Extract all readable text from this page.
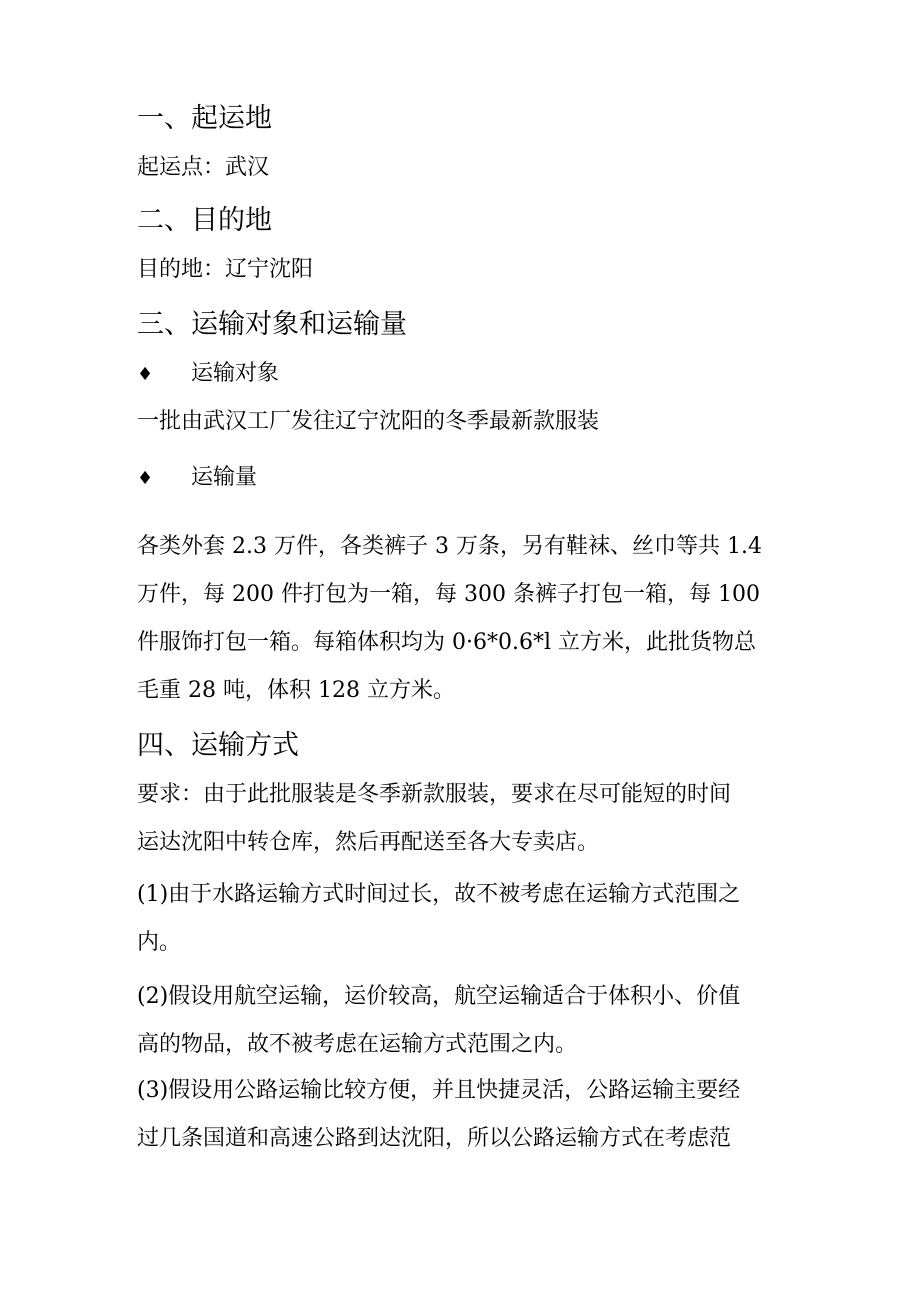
一、起运地
起运点：武汉
二、目的地
目的地：辽宁沈阳
三、运输对象和运输量
♦ 运输对象
一批由武汉工厂发往辽宁沈阳的冬季最新款服装
♦ 运输量
各类外套 2.3 万件，各类裤子 3 万条，另有鞋袜、丝巾等共 1.4
万件，每 200 件打包为一箱，每 300 条裤子打包一箱，每 100
件服饰打包一箱。每箱体积均为 0·6*0.6*l 立方米，此批货物总
毛重 28 吨，体积 128 立方米。
四、运输方式
要求：由于此批服装是冬季新款服装，要求在尽可能短的时间
运达沈阳中转仓库，然后再配送至各大专卖店。
(1)由于水路运输方式时间过长，故不被考虑在运输方式范围之
内。
(2)假设用航空运输，运价较高，航空运输适合于体积小、价值
高的物品，故不被考虑在运输方式范围之内。
(3)假设用公路运输比较方便，并且快捷灵活，公路运输主要经
过几条国道和高速公路到达沈阳，所以公路运输方式在考虑范
